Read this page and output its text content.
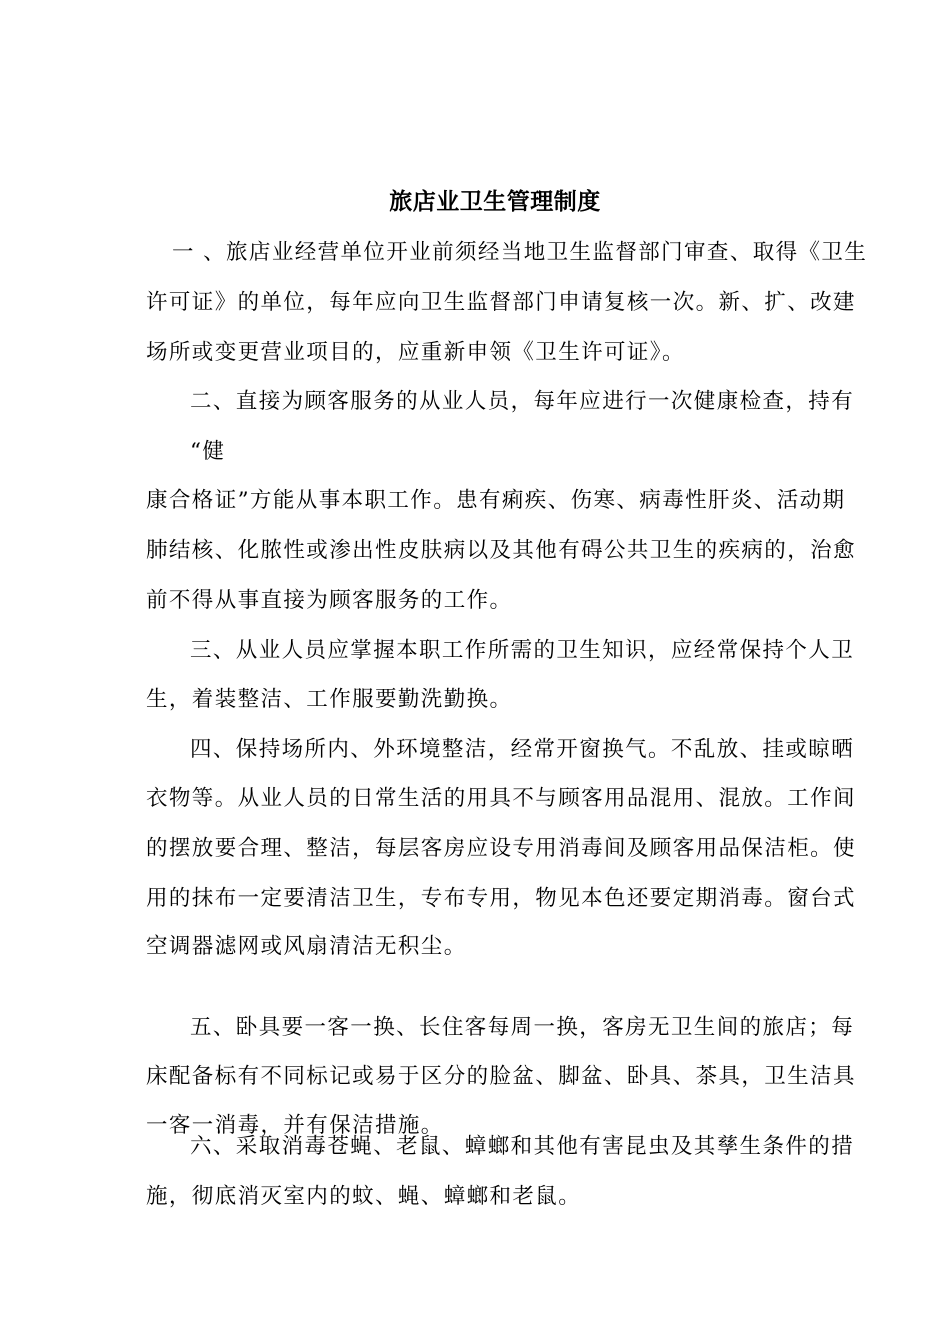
旅店业卫生管理制度
一 、旅店业经营单位开业前须经当地卫生监督部门审查、取得《卫生
许可证》的单位，每年应向卫生监督部门申请复核一次。新、扩、改建
场所或变更营业项目的，应重新申领《卫生许可证》。
二、直接为顾客服务的从业人员，每年应进行一次健康检查，持有
“健
康合格证”方能从事本职工作。患有痢疾、伤寒、病毒性肝炎、活动期
肺结核、化脓性或渗出性皮肤病以及其他有碍公共卫生的疾病的，治愈
前不得从事直接为顾客服务的工作。
三、从业人员应掌握本职工作所需的卫生知识，应经常保持个人卫
生，着装整洁、工作服要勤洗勤换。
四、保持场所内、外环境整洁，经常开窗换气。不乱放、挂或晾晒
衣物等。从业人员的日常生活的用具不与顾客用品混用、混放。工作间
的摆放要合理、整洁，每层客房应设专用消毒间及顾客用品保洁柜。使
用的抹布一定要清洁卫生，专布专用，物见本色还要定期消毒。窗台式
空调器滤网或风扇清洁无积尘。
五、卧具要一客一换、长住客每周一换，客房无卫生间的旅店；每
床配备标有不同标记或易于区分的脸盆、脚盆、卧具、茶具，卫生洁具
一客一消毒，并有保洁措施。
六、采取消毒苍蝇、老鼠、蟑螂和其他有害昆虫及其孳生条件的措
施，彻底消灭室内的蚊、蝇、蟑螂和老鼠。
